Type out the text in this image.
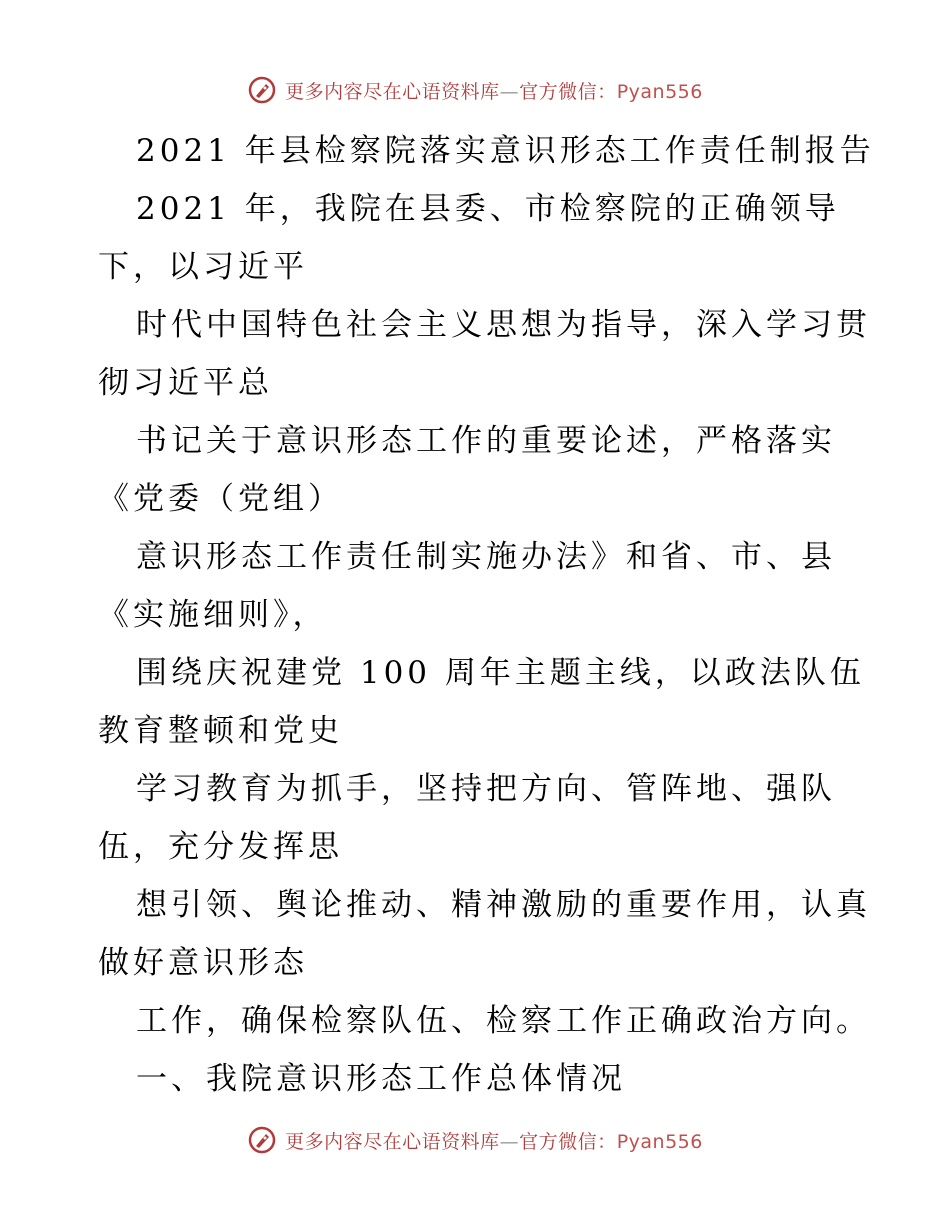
更多内容尽在心语资料库—官方微信：Pyan556
2021 年县检察院落实意识形态工作责任制报告
2021 年，我院在县委、市检察院的正确领导
下，以习近平
时代中国特色社会主义思想为指导，深入学习贯
彻习近平总
书记关于意识形态工作的重要论述，严格落实
《党委（党组）
意识形态工作责任制实施办法》和省、市、县
《实施细则》，
围绕庆祝建党 100 周年主题主线，以政法队伍
教育整顿和党史
学习教育为抓手，坚持把方向、管阵地、强队
伍，充分发挥思
想引领、舆论推动、精神激励的重要作用，认真
做好意识形态
工作，确保检察队伍、检察工作正确政治方向。
一、我院意识形态工作总体情况
更多内容尽在心语资料库—官方微信：Pyan556
